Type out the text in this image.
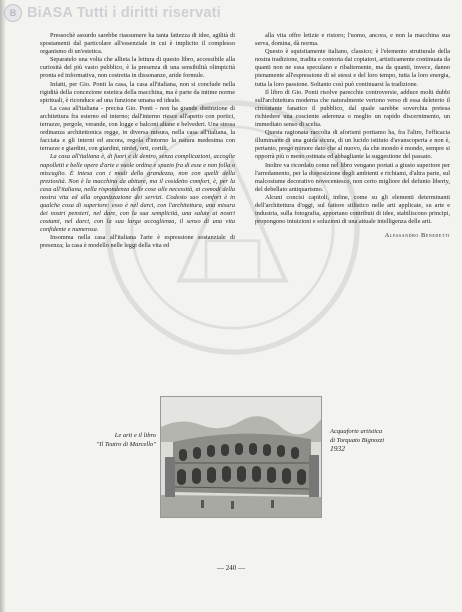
B BiASA Tutti i diritti riservati

Pressochè assurdo sarebbe riassumere ha tanta fattezza di idee, agilità di spostamenti dal particolare all'essenziale in cui è implicito il complesso organismo di un'estetica.

Separatelo una volta che allieta la lettura di questo libro, accessibile alla curiosità del più vasto pubblico, è la presenza di una sensibilità olimpicità pronta ed informativa, non costretta in dissonanze, aride formule.

Infatti, per Gio. Ponti la casa, la casa all'italiana, non si conclude nella rigidità della concezione estetica della macchina, ma è parte da intime norme spirituali, è riconduce ad una funzione umana ed ideale.

La casa all'italiana - precisa Gio. Ponti - non ha grande distinzione di architettura fra esterno ed interno; dall'interno riesce all'aperto con portici, terrazze, pergole, verande, con logge e balconi altane e belvederi. Una stessa ordinanza architettonica regge, in diversa misura, nella casa all'italiana, la facciata e gli interni ed ancora, regola d'intorno la natura medesima con terrazze e giardini, con giardini, ninfei, orti, cortili.

La casa all'italiana è, di fuori e di dentro, senza complicazioni, accoglie napolletti e belle opere d'arte e vuole ordine e spazio fra di esse e non folla o miscuglio. È intesa con i modi della grandezza, non con quelli della preziosità. Non è la macchina da abitare, ma il cosidetto comfort, è, per la casa all'italiana, nella rispondenza delle cose alle necessità, ai comodi della nostra vita ed alla organizzazione dei servizi. Codesto suo comfort è in qualche cosa di superiore: esso è nel darci, con l'architettura, una misura dei nostri pensieri, nel dare, con la sua semplicità, una salute ai nostri costumi, nel darci, con la sua larga accoglienza, il senso di una vita confidente e numerosa.

Insomma nella casa all'italiana l'arte è espressione sostanziale di presenza; la casa è modello nelle leggi della vita ed

alla vita offre letizie e ristoro; l'uomo, ancora, e non la macchina sua serva, domina, dà norma.

Questo è squisitamente italiano, classico; è l'elemento strutturale della nostra tradizione, tradita e contorta dai copiatori, artisticamente continuata da quanti non ne essa speculano e ribaltemente, ma da quanti, invece, danno pienamente all'espressione di sè stessi e del loro tempo, tutta la loro energia, tutta la loro passione. Soltanto così può continuarsi la tradizione.

Il libro di Gio. Ponti risolve parecchie controversie, adduce molti dubbi sull'architettura moderna che naturalmente vertono verso di essa deleterio il circostante fanatico il pubblico, dal quale sarebbe soverchia pretesa richiedere una cosciente aderenza o meglio un rapido discernimento, un immediato senso di scelta.

Questa ragionata raccolta di aforismi portiamo ha, fra l'altro, l'efficacia illuminante di una guida sicura, di un lucido istituto d'avanscoperta e non è, pertanto, prego minore dato che al nuovo, da che mondo è mondo, sempre si opporrà più o meno ostinata ed abbagliante la suggestione del passato.

Inoltre va ricordato come nel libro vengano portati a giusto superiore per l'arredamento, per la disposizione degli ambienti e richiami, d'altra parte, sul malcostume decorativo novecentesco, non certo migliore del defunto liberty, del debellato antiquarismo.

Alcuni concisi capitoli, infine, come su gli elementi determinanti dell'architettura d'oggi, sul fattore stilistico nelle arti applicate, su arte e industria, sulla fotografia, apportano contributi di idee, stabiliscono principi, propongono intuizioni e soluzioni di una attuale intelligenza delle arti.

Alessandro Benedetti
Le arti e il libro
"Il Teatro di Marcello"
Acquaforte artistica
di Torquato Bignozzi
1932
— 240 —
